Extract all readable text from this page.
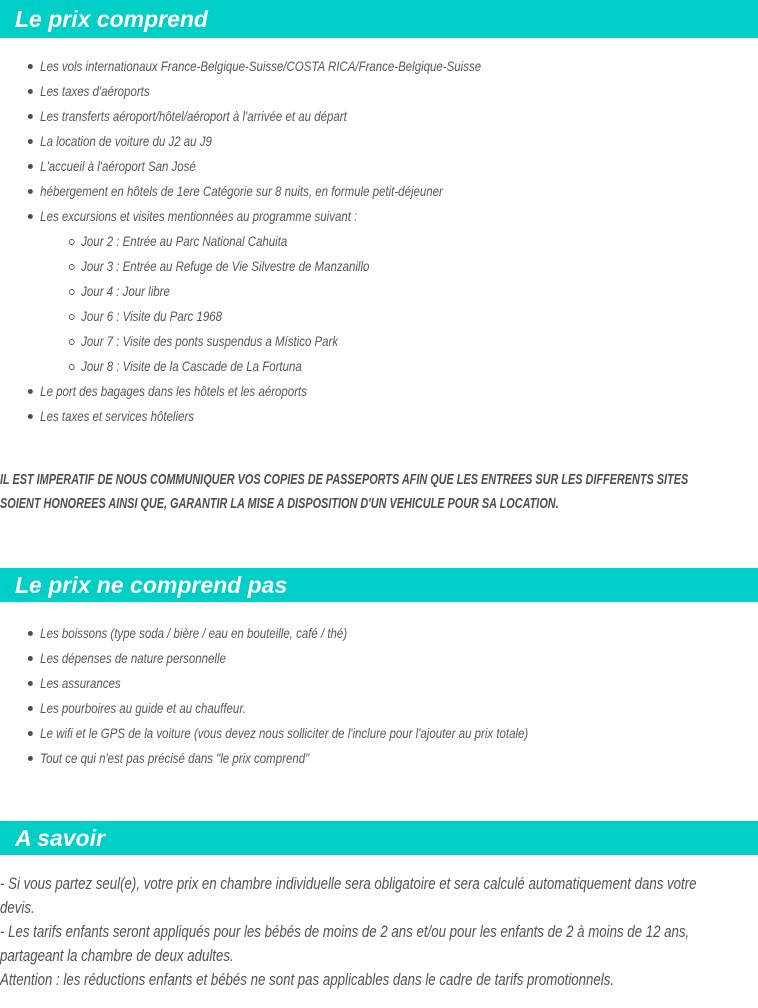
Le prix comprend
Les vols internationaux France-Belgique-Suisse/COSTA RICA/France-Belgique-Suisse
Les taxes d'aéroports
Les transferts aéroport/hôtel/aéroport à l'arrivée et au départ
La location de voiture du J2 au J9
L'accueil à l'aéroport San José
hébergement en hôtels de 1ere Catégorie sur 8 nuits, en formule petit-déjeuner
Les excursions et visites mentionnées au programme suivant :
Jour 2 : Entrée au Parc National Cahuita
Jour 3 : Entrée au Refuge de Vie Silvestre de Manzanillo
Jour 4 : Jour libre
Jour 6 : Visite du Parc 1968
Jour 7 : Visite des ponts suspendus a Místico Park
Jour 8 : Visite de la Cascade de La Fortuna
Le port des bagages dans les hôtels et les aéroports
Les taxes et services hôteliers
IL EST IMPERATIF DE NOUS COMMUNIQUER VOS COPIES DE PASSEPORTS AFIN QUE LES ENTREES SUR LES DIFFERENTS SITES
SOIENT HONOREES AINSI QUE, GARANTIR LA MISE A DISPOSITION D'UN VEHICULE POUR SA LOCATION.
Le prix ne comprend pas
Les boissons (type soda / bière / eau en bouteille, café / thé)
Les dépenses de nature personnelle
Les assurances
Les pourboires au guide et au chauffeur.
Le wifi et le GPS de la voiture (vous devez nous solliciter de l'inclure pour l'ajouter au prix totale)
Tout ce qui n'est pas précisé dans "le prix comprend"
A savoir
- Si vous partez seul(e), votre prix en chambre individuelle sera obligatoire et sera calculé automatiquement dans votre
devis.
- Les tarifs enfants seront appliqués pour les bébés de moins de 2 ans et/ou pour les enfants de 2 à moins de 12 ans,
partageant la chambre de deux adultes.
Attention : les réductions enfants et bébés ne sont pas applicables dans le cadre de tarifs promotionnels.
